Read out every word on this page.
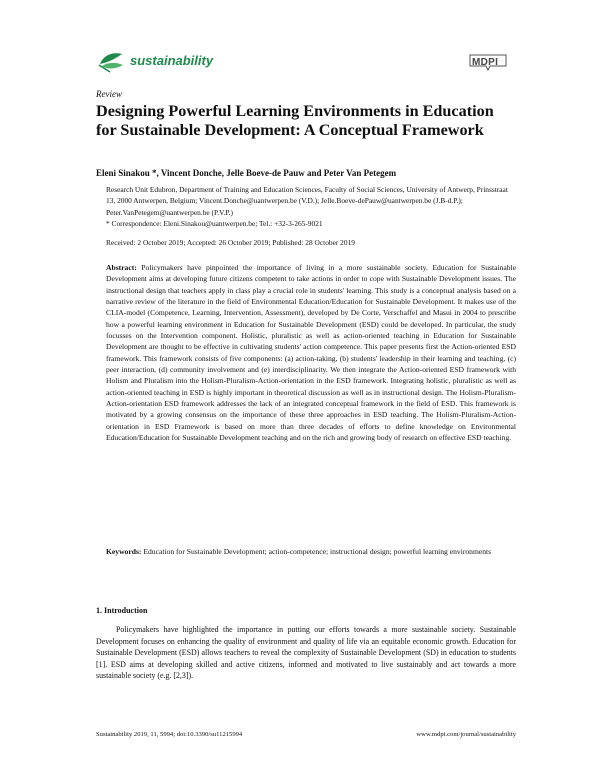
sustainability	MDPI
Review
Designing Powerful Learning Environments in Education for Sustainable Development: A Conceptual Framework
Eleni Sinakou *, Vincent Donche, Jelle Boeve-de Pauw and Peter Van Petegem
Research Unit Edubron, Department of Training and Education Sciences, Faculty of Social Sciences, University of Antwerp, Prinsstraat 13, 2000 Antwerpen, Belgium; Vincent.Donche@uantwerpen.be (V.D.); Jelle.Boeve-dePauw@uantwerpen.be (J.B-d.P.); Peter.VanPetegem@uantwerpen.be (P.V.P.)
* Correspondence: Eleni.Sinakou@uantwerpen.be; Tel.: +32-3-265-9021
Received: 2 October 2019; Accepted: 26 October 2019; Published: 28 October 2019
Abstract: Policymakers have pinpointed the importance of living in a more sustainable society. Education for Sustainable Development aims at developing future citizens competent to take actions in order to cope with Sustainable Development issues. The instructional design that teachers apply in class play a crucial role in students' learning. This study is a conceptual analysis based on a narrative review of the literature in the field of Environmental Education/Education for Sustainable Development. It makes use of the CLIA-model (Competence, Learning, Intervention, Assessment), developed by De Corte, Verschaffel and Masui in 2004 to prescribe how a powerful learning environment in Education for Sustainable Development (ESD) could be developed. In particular, the study focusses on the Intervention component. Holistic, pluralistic as well as action-oriented teaching in Education for Sustainable Development are thought to be effective in cultivating students' action competence. This paper presents first the Action-oriented ESD framework. This framework consists of five components: (a) action-taking, (b) students' leadership in their learning and teaching, (c) peer interaction, (d) community involvement and (e) interdisciplinarity. We then integrate the Action-oriented ESD framework with Holism and Pluralism into the Holism-Pluralism-Action-orientation in the ESD framework. Integrating holistic, pluralistic as well as action-oriented teaching in ESD is highly important in theoretical discussion as well as in instructional design. The Holism-Pluralism-Action-orientation ESD framework addresses the lack of an integrated conceptual framework in the field of ESD. This framework is motivated by a growing consensus on the importance of these three approaches in ESD teaching. The Holism-Pluralism-Action-orientation in ESD Framework is based on more than three decades of efforts to define knowledge on Environmental Education/Education for Sustainable Development teaching and on the rich and growing body of research on effective ESD teaching.
Keywords: Education for Sustainable Development; action-competence; instructional design; powerful learning environments
1. Introduction
Policymakers have highlighted the importance in putting our efforts towards a more sustainable society. Sustainable Development focuses on enhancing the quality of environment and quality of life via an equitable economic growth. Education for Sustainable Development (ESD) allows teachers to reveal the complexity of Sustainable Development (SD) in education to students [1]. ESD aims at developing skilled and active citizens, informed and motivated to live sustainably and act towards a more sustainable society (e.g. [2,3]).
Sustainability 2019, 11, 5994; doi:10.3390/su11215994	www.mdpi.com/journal/sustainability
